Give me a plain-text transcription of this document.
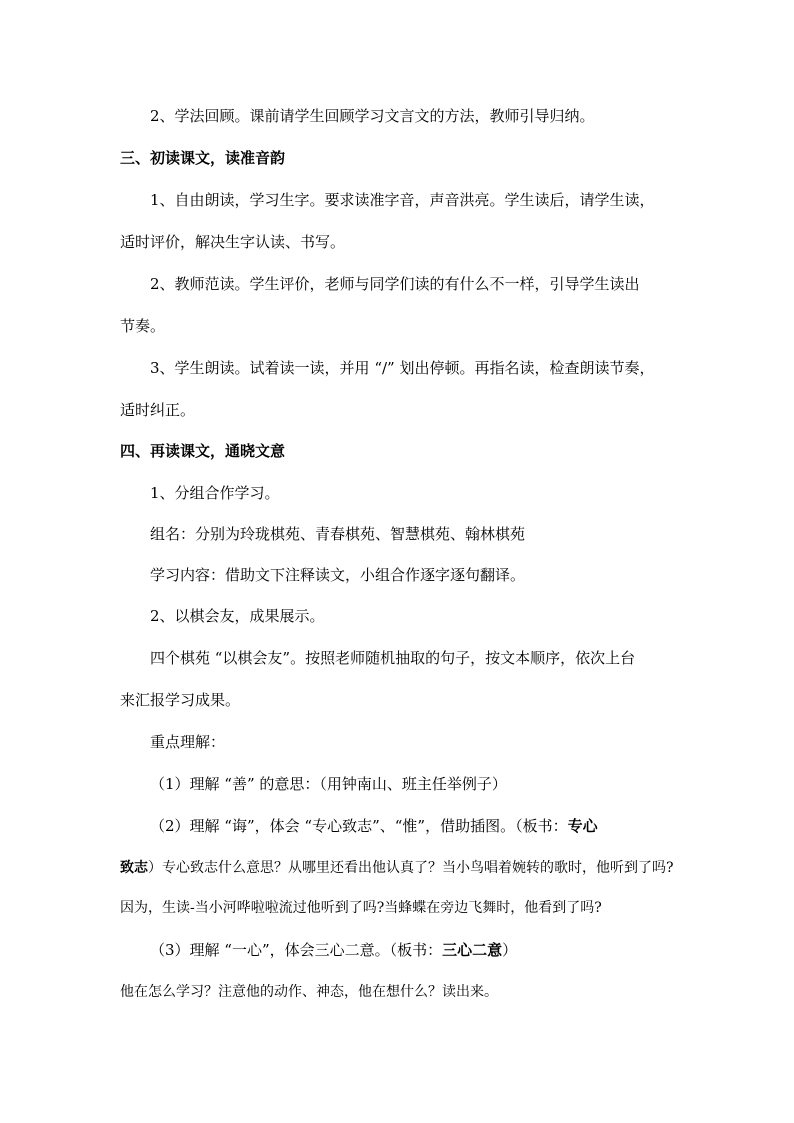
2、学法回顾。课前请学生回顾学习文言文的方法，教师引导归纳。
三、初读课文，读准音韵
1、自由朗读，学习生字。要求读准字音，声音洪亮。学生读后，请学生读，
适时评价，解决生字认读、书写。
2、教师范读。学生评价，老师与同学们读的有什么不一样，引导学生读出
节奏。
3、学生朗读。试着读一读，并用 “/” 划出停顿。再指名读，检查朗读节奏，
适时纠正。
四、再读课文，通晓文意
1、分组合作学习。
组名：分别为玲珑棋苑、青春棋苑、智慧棋苑、翰林棋苑
学习内容：借助文下注释读文，小组合作逐字逐句翻译。
2、以棋会友，成果展示。
四个棋苑 “以棋会友”。按照老师随机抽取的句子，按文本顺序，依次上台
来汇报学习成果。
重点理解：
（1）理解 “善” 的意思：（用钟南山、班主任举例子）
（2）理解 “诲”，体会 “专心致志”、“惟”，借助插图。（板书：专心
致志）专心致志什么意思？从哪里还看出他认真了？当小鸟唱着婉转的歌时，他听到了吗?
因为，生读-当小河哗啦啦流过他听到了吗?当蜂蝶在旁边飞舞时，他看到了吗?
（3）理解 “一心”，体会三心二意。（板书：三心二意）
他在怎么学习？注意他的动作、神态，他在想什么？读出来。
